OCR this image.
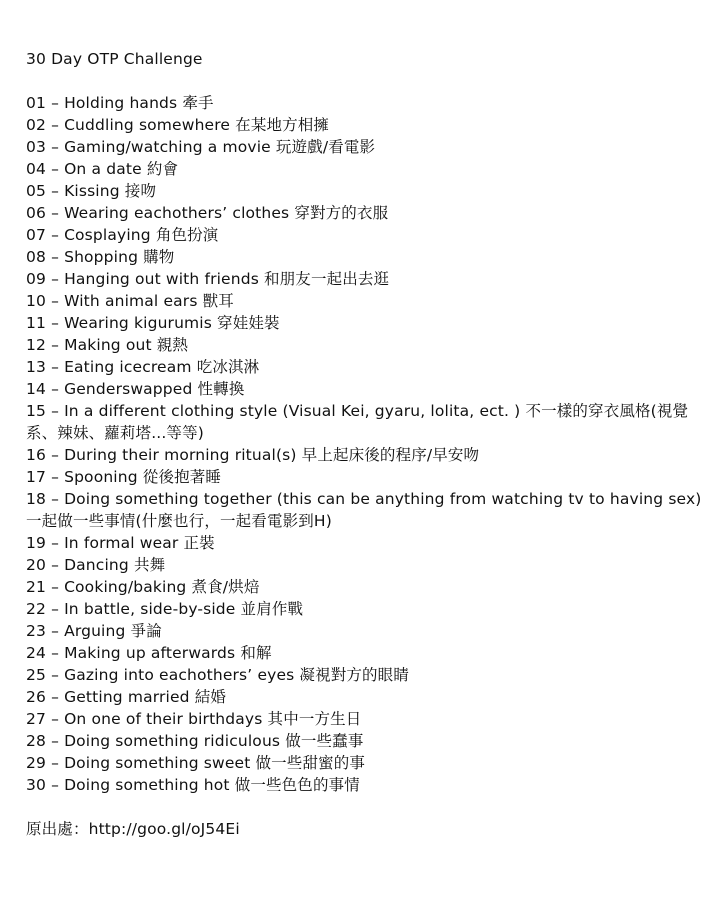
30 Day OTP Challenge
01 – Holding hands 牽手
02 – Cuddling somewhere 在某地方相擁
03 – Gaming/watching a movie 玩遊戲/看電影
04 – On a date 約會
05 – Kissing 接吻
06 – Wearing eachothers’ clothes 穿對方的衣服
07 – Cosplaying 角色扮演
08 – Shopping 購物
09 – Hanging out with friends 和朋友一起出去逛
10 – With animal ears 獸耳
11 – Wearing kigurumis 穿娃娃裝
12 – Making out 親熱
13 – Eating icecream 吃冰淇淋
14 – Genderswapped 性轉換
15 – In a different clothing style (Visual Kei, gyaru, lolita, ect. ) 不一樣的穿衣風格(視覺
系、辣妹、蘿莉塔...等等)
16 – During their morning ritual(s) 早上起床後的程序/早安吻
17 – Spooning 從後抱著睡
18 – Doing something together (this can be anything from watching tv to having sex)
一起做一些事情(什麼也行，一起看電影到H)
19 – In formal wear 正裝
20 – Dancing 共舞
21 – Cooking/baking 煮食/烘焙
22 – In battle, side-by-side 並肩作戰
23 – Arguing 爭論
24 – Making up afterwards 和解
25 – Gazing into eachothers’ eyes 凝視對方的眼睛
26 – Getting married 結婚
27 – On one of their birthdays 其中一方生日
28 – Doing something ridiculous 做一些蠢事
29 – Doing something sweet 做一些甜蜜的事
30 – Doing something hot 做一些色色的事情
原出處：http://goo.gl/oJ54Ei
